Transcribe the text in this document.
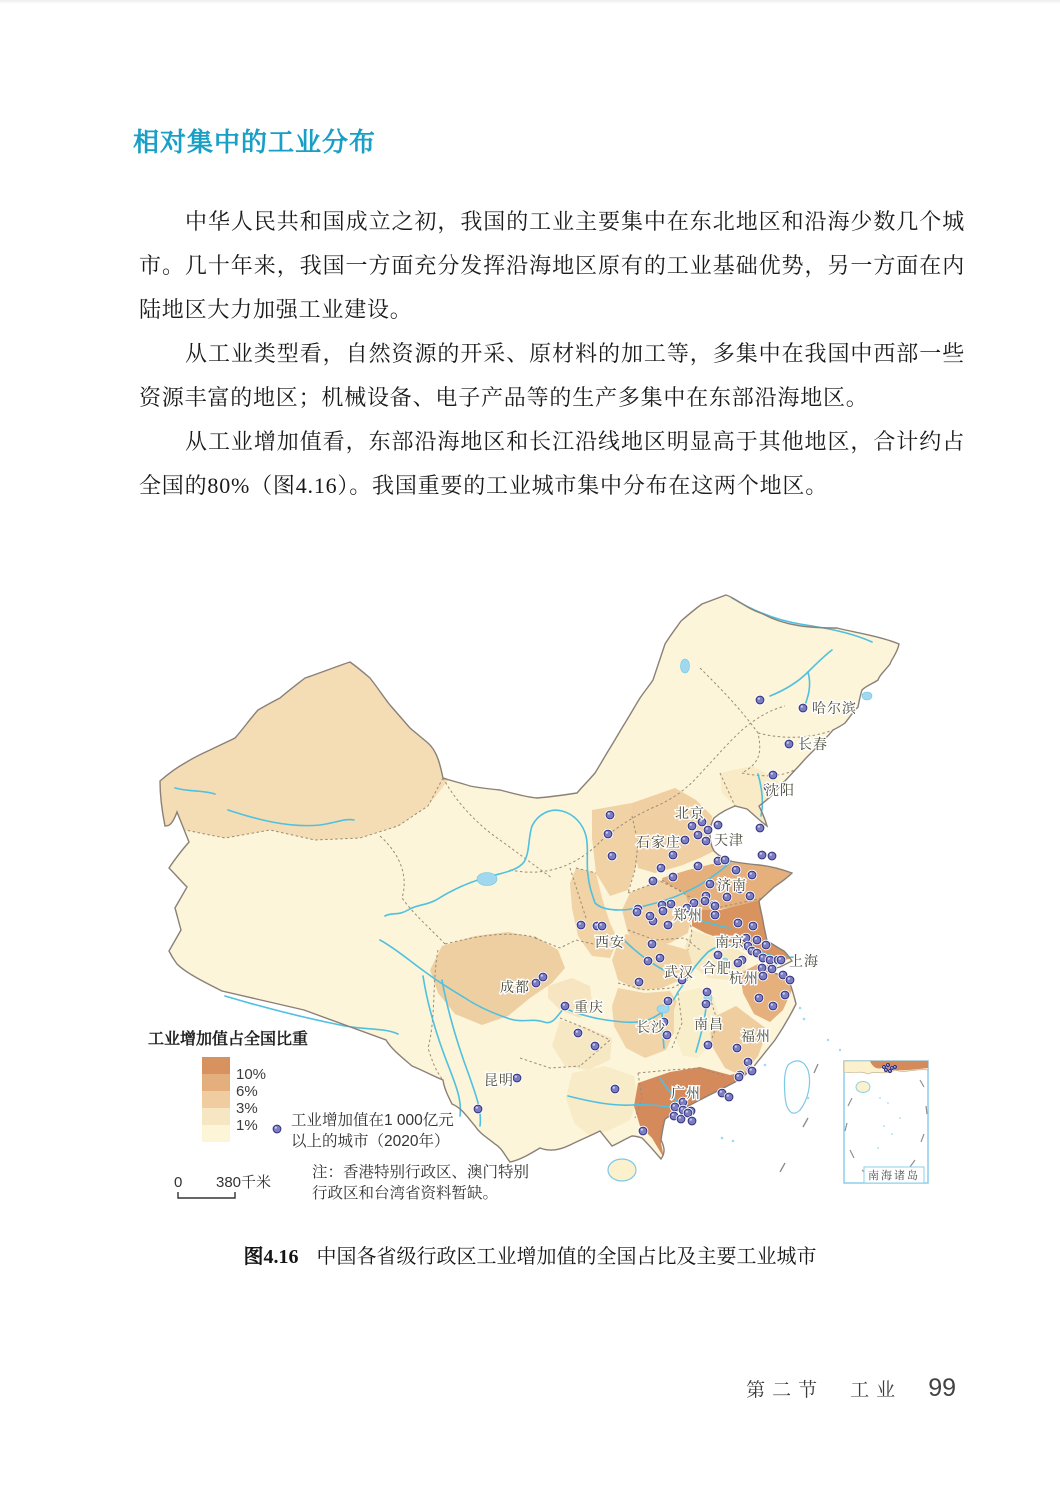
相对集中的工业分布

中华人民共和国成立之初，我国的工业主要集中在东北地区和沿海少数几个城市。几十年来，我国一方面充分发挥沿海地区原有的工业基础优势，另一方面在内陆地区大力加强工业建设。

从工业类型看，自然资源的开采、原材料的加工等，多集中在我国中西部一些资源丰富的地区；机械设备、电子产品等的生产多集中在东部沿海地区。

从工业增加值看，东部沿海地区和长江沿线地区明显高于其他地区，合计约占全国的80%（图4.16）。我国重要的工业城市集中分布在这两个地区。

哈尔滨
长春
沈阳
北京
天津
石家庄
济南
郑州
西安	南京
上海
武汉 合肥
杭州
重庆
成都
长沙 南昌
福州
广州
昆明
工业增加值占全国比重
10%
6%
3%
1% 工业增加值在1 000亿元
以上的城市（2020年）
注：香港特别行政区、澳门特别
行政区和台湾省资料暂缺。
0 380千米	南海诸岛
图4.16 中国各省级行政区工业增加值的全国占比及主要工业城市
第二节 工业 99
